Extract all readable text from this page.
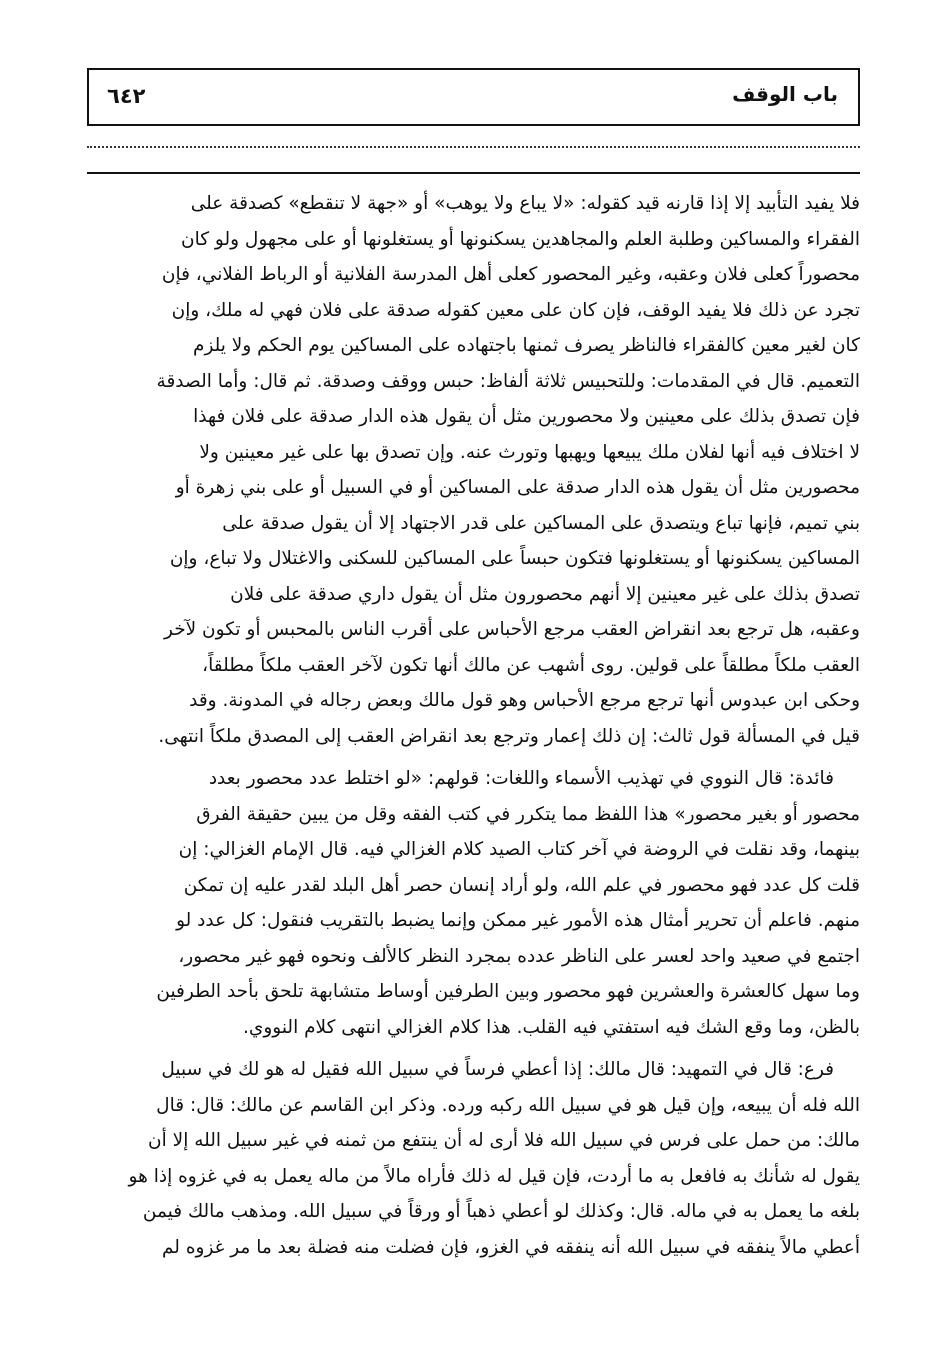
٦٤٢	باب الوقف

فلا يفيد التأبيد إلا إذا قارنه قيد كقوله: «لا يباع ولا يوهب» أو «جهة لا تنقطع» كصدقة على
الفقراء والمساكين وطلبة العلم والمجاهدين يسكنونها أو يستغلونها أو على مجهول ولو كان
محصوراً كعلى فلان وعقبه، وغير المحصور كعلى أهل المدرسة الفلانية أو الرباط الفلاني، فإن
تجرد عن ذلك فلا يفيد الوقف، فإن كان على معين كقوله صدقة على فلان فهي له ملك، وإن
كان لغير معين كالفقراء فالناظر يصرف ثمنها باجتهاده على المساكين يوم الحكم ولا يلزم
التعميم. قال في المقدمات: وللتحبيس ثلاثة ألفاظ: حبس ووقف وصدقة. ثم قال: وأما الصدقة
فإن تصدق بذلك على معينين ولا محصورين مثل أن يقول هذه الدار صدقة على فلان فهذا
لا اختلاف فيه أنها لفلان ملك يبيعها ويهبها وتورث عنه. وإن تصدق بها على غير معينين ولا
محصورين مثل أن يقول هذه الدار صدقة على المساكين أو في السبيل أو على بني زهرة أو
بني تميم، فإنها تباع ويتصدق على المساكين على قدر الاجتهاد إلا أن يقول صدقة على
المساكين يسكنونها أو يستغلونها فتكون حبساً على المساكين للسكنى والاغتلال ولا تباع، وإن
تصدق بذلك على غير معينين إلا أنهم محصورون مثل أن يقول داري صدقة على فلان
وعقبه، هل ترجع بعد انقراض العقب مرجع الأحباس على أقرب الناس بالمحبس أو تكون لآخر
العقب ملكاً مطلقاً على قولين. روى أشهب عن مالك أنها تكون لآخر العقب ملكاً مطلقاً،
وحكى ابن عبدوس أنها ترجع مرجع الأحباس وهو قول مالك وبعض رجاله في المدونة. وقد
قيل في المسألة قول ثالث: إن ذلك إعمار وترجع بعد انقراض العقب إلى المصدق ملكاً انتهى.

فائدة: قال النووي في تهذيب الأسماء واللغات: قولهم: «لو اختلط عدد محصور بعدد
محصور أو بغير محصور» هذا اللفظ مما يتكرر في كتب الفقه وقل من يبين حقيقة الفرق
بينهما، وقد نقلت في الروضة في آخر كتاب الصيد كلام الغزالي فيه. قال الإمام الغزالي: إن
قلت كل عدد فهو محصور في علم الله، ولو أراد إنسان حصر أهل البلد لقدر عليه إن تمكن
منهم. فاعلم أن تحرير أمثال هذه الأمور غير ممكن وإنما يضبط بالتقريب فنقول: كل عدد لو
اجتمع في صعيد واحد لعسر على الناظر عدده بمجرد النظر كالألف ونحوه فهو غير محصور،
وما سهل كالعشرة والعشرين فهو محصور وبين الطرفين أوساط متشابهة تلحق بأحد الطرفين
بالظن، وما وقع الشك فيه استفتي فيه القلب. هذا كلام الغزالي انتهى كلام النووي.

فرع: قال في التمهيد: قال مالك: إذا أعطي فرساً في سبيل الله فقيل له هو لك في سبيل
الله فله أن يبيعه، وإن قيل هو في سبيل الله ركبه ورده. وذكر ابن القاسم عن مالك: قال: قال
مالك: من حمل على فرس في سبيل الله فلا أرى له أن ينتفع من ثمنه في غير سبيل الله إلا أن
يقول له شأنك به فافعل به ما أردت، فإن قيل له ذلك فأراه مالاً من ماله يعمل به في غزوه إذا هو
بلغه ما يعمل به في ماله. قال: وكذلك لو أعطي ذهباً أو ورقاً في سبيل الله. ومذهب مالك فيمن
أعطي مالاً ينفقه في سبيل الله أنه ينفقه في الغزو، فإن فضلت منه فضلة بعد ما مر غزوه لم
